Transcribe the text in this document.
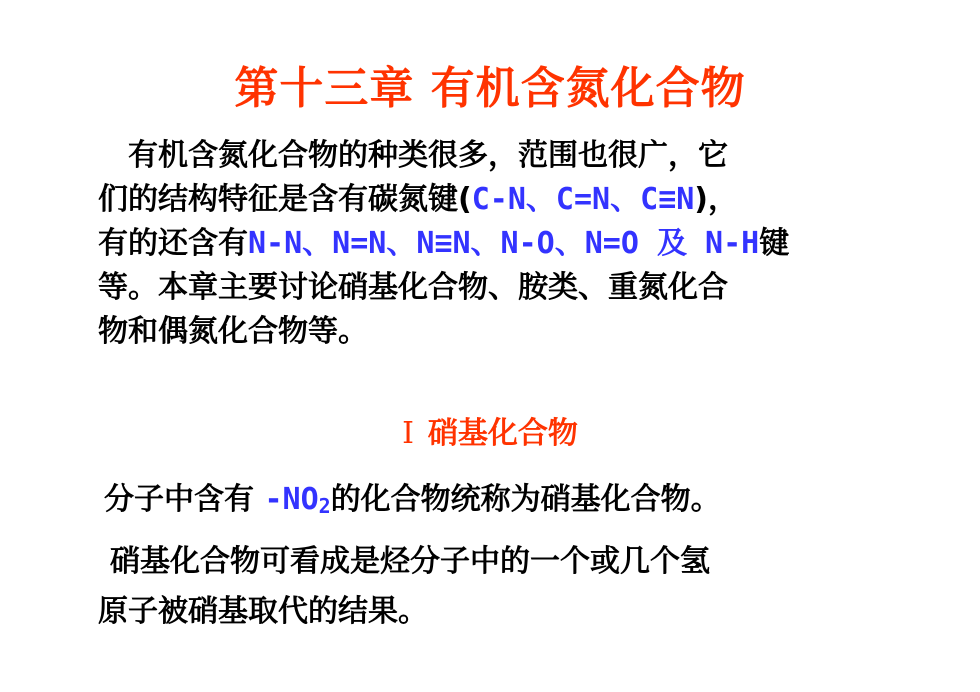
第十三章 有机含氮化合物
　有机含氮化合物的种类很多，范围也很广，它
们的结构特征是含有碳氮键(C-N、C=N、C≡N)，
有的还含有N-N、N=N、N≡N、N-O、N=O 及 N-H键
等。本章主要讨论硝基化合物、胺类、重氮化合
物和偶氮化合物等。
Ⅰ 硝基化合物
分子中含有 $-NO_2$的化合物统称为硝基化合物。
硝基化合物可看成是烃分子中的一个或几个氢
原子被硝基取代的结果。
